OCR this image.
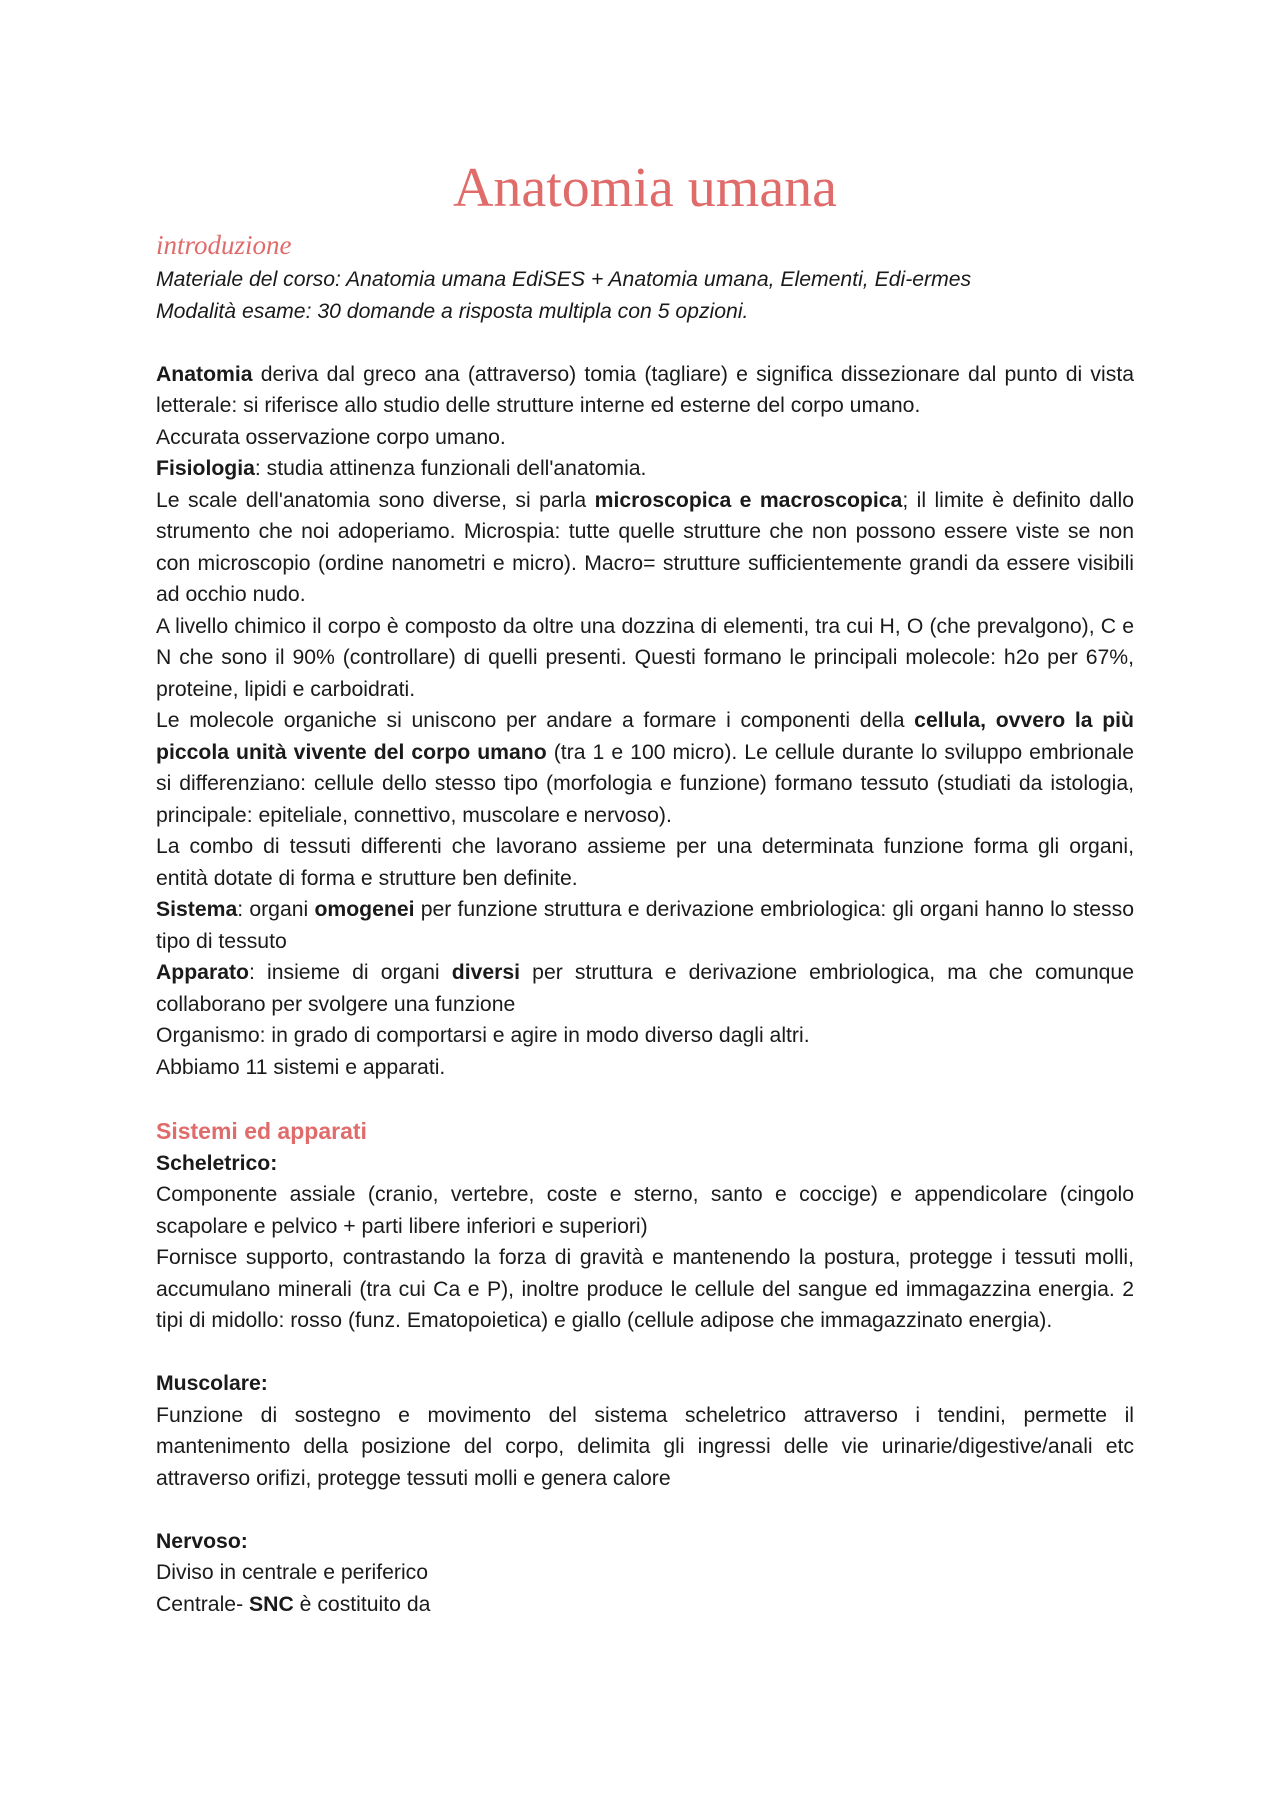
Anatomia umana
introduzione

Materiale del corso: Anatomia umana EdiSES + Anatomia umana, Elementi, Edi-ermes

Modalità esame: 30 domande a risposta multipla con 5 opzioni.

Anatomia deriva dal greco ana (attraverso) tomia (tagliare) e significa dissezionare dal punto di vista letterale: si riferisce allo studio delle strutture interne ed esterne del corpo umano.

Accurata osservazione corpo umano.

Fisiologia: studia attinenza funzionali dell'anatomia.

Le scale dell'anatomia sono diverse, si parla microscopica e macroscopica; il limite è definito dallo strumento che noi adoperiamo. Microspia: tutte quelle strutture che non possono essere viste se non con microscopio (ordine nanometri e micro). Macro= strutture sufficientemente grandi da essere visibili ad occhio nudo.

A livello chimico il corpo è composto da oltre una dozzina di elementi, tra cui H, O (che prevalgono), C e N che sono il 90% (controllare) di quelli presenti. Questi formano le principali molecole: h2o per 67%, proteine, lipidi e carboidrati.

Le molecole organiche si uniscono per andare a formare i componenti della cellula, ovvero la più piccola unità vivente del corpo umano (tra 1 e 100 micro). Le cellule durante lo sviluppo embrionale si differenziano: cellule dello stesso tipo (morfologia e funzione) formano tessuto (studiati da istologia, principale: epiteliale, connettivo, muscolare e nervoso).

La combo di tessuti differenti che lavorano assieme per una determinata funzione forma gli organi, entità dotate di forma e strutture ben definite.

Sistema: organi omogenei per funzione struttura e derivazione embriologica: gli organi hanno lo stesso tipo di tessuto

Apparato: insieme di organi diversi per struttura e derivazione embriologica, ma che comunque collaborano per svolgere una funzione

Organismo: in grado di comportarsi e agire in modo diverso dagli altri.

Abbiamo 11 sistemi e apparati.

Sistemi ed apparati

Scheletrico:

Componente assiale (cranio, vertebre, coste e sterno, santo e coccige) e appendicolare (cingolo scapolare e pelvico + parti libere inferiori e superiori)

Fornisce supporto, contrastando la forza di gravità e mantenendo la postura, protegge i tessuti molli, accumulano minerali (tra cui Ca e P), inoltre produce le cellule del sangue ed immagazzina energia. 2 tipi di midollo: rosso (funz. Ematopoietica) e giallo (cellule adipose che immagazzinato energia).

Muscolare:

Funzione di sostegno e movimento del sistema scheletrico attraverso i tendini, permette il mantenimento della posizione del corpo, delimita gli ingressi delle vie urinarie/digestive/anali etc attraverso orifizi, protegge tessuti molli e genera calore

Nervoso:

Diviso in centrale e periferico

Centrale- SNC è costituito da
